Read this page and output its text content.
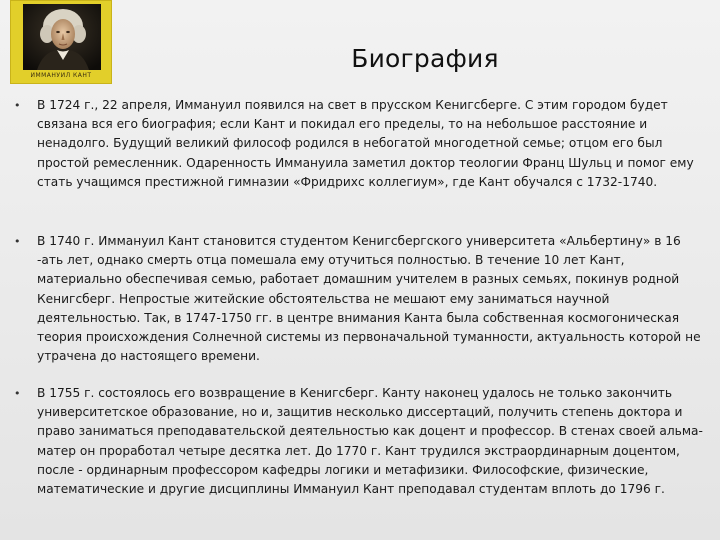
ИММАНУИЛ КАНТ
Биография
• В 1724 г., 22 апреля, Иммануил появился на свет в прусском Кенигсберге. С этим городом будет связана вся его биография; если Кант и покидал его пределы, то на небольшое расстояние и ненадолго. Будущий великий философ родился в небогатой многодетной семье; отцом его был простой ремесленник. Одаренность Иммануила заметил доктор теологии Франц Шульц и помог ему стать учащимся престижной гимназии «Фридрихс коллегиум», где Кант обучался с 1732-1740.
• В 1740 г. Иммануил Кант становится студентом Кенигсбергского университета «Альбертину» в 16 -ать лет, однако смерть отца помешала ему отучиться полностью. В течение 10 лет Кант, материально обеспечивая семью, работает домашним учителем в разных семьях, покинув родной Кенигсберг. Непростые житейские обстоятельства не мешают ему заниматься научной деятельностью. Так, в 1747-1750 гг. в центре внимания Канта была собственная космогоническая теория происхождения Солнечной системы из первоначальной туманности, актуальность которой не утрачена до настоящего времени.
• В 1755 г. состоялось его возвращение в Кенигсберг. Канту наконец удалось не только закончить университетское образование, но и, защитив несколько диссертаций, получить степень доктора и право заниматься преподавательской деятельностью как доцент и профессор. В стенах своей альма-матер он проработал четыре десятка лет. До 1770 г. Кант трудился экстраординарным доцентом, после - ординарным профессором кафедры логики и метафизики. Философские, физические, математические и другие дисциплины Иммануил Кант преподавал студентам вплоть до 1796 г.
